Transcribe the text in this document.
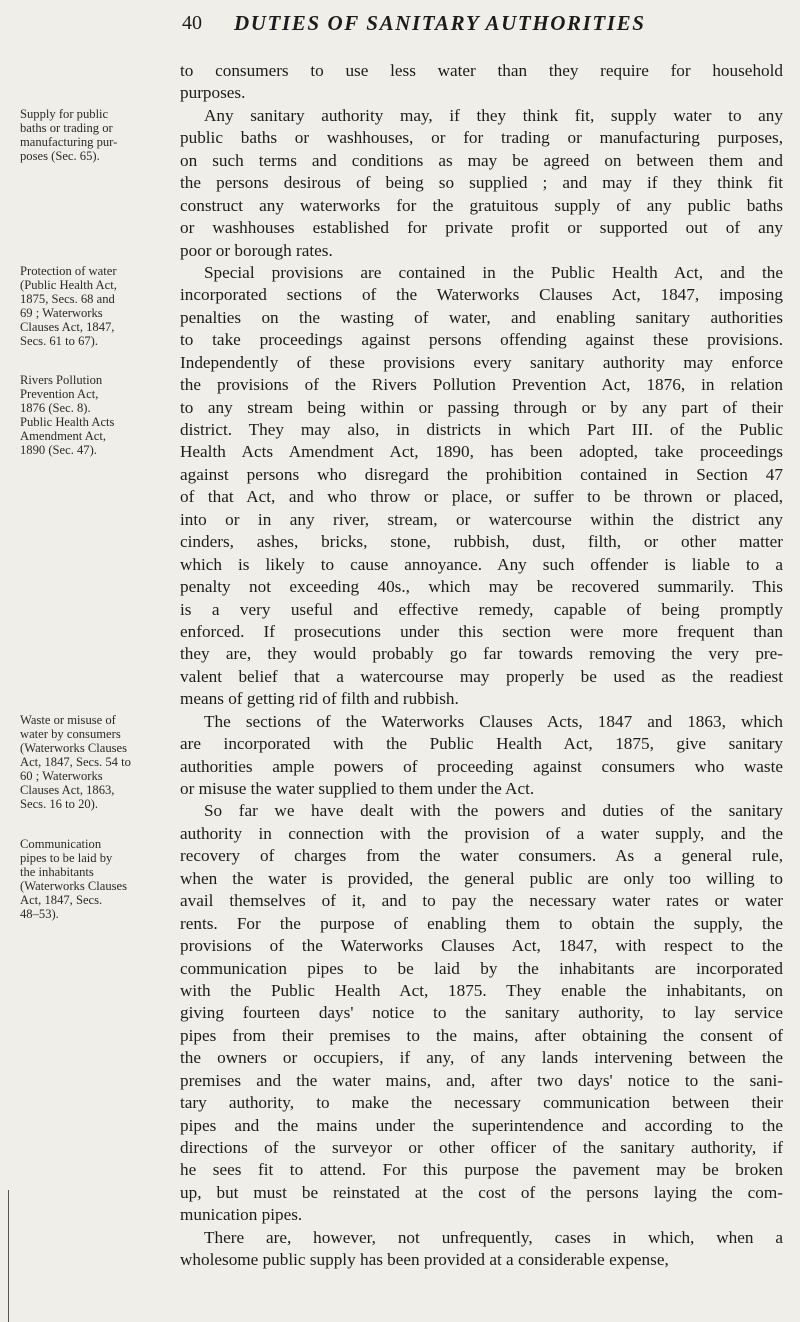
40 DUTIES OF SANITARY AUTHORITIES
Supply for public
baths or trading or
manufacturing pur-
poses (Sec. 65).
Protection of water
(Public Health Act,
1875, Secs. 68 and
69 ; Waterworks
Clauses Act, 1847,
Secs. 61 to 67).
Rivers Pollution
Prevention Act,
1876 (Sec. 8).
Public Health Acts
Amendment Act,
1890 (Sec. 47).
Waste or misuse of
water by consumers
(Waterworks Clauses
Act, 1847, Secs. 54 to
60 ; Waterworks
Clauses Act, 1863,
Secs. 16 to 20).
Communication
pipes to be laid by
the inhabitants
(Waterworks Clauses
Act, 1847, Secs.
48–53).
to consumers to use less water than they require for household
purposes.
Any sanitary authority may, if they think fit, supply water to any
public baths or washhouses, or for trading or manufacturing purposes,
on such terms and conditions as may be agreed on between them and
the persons desirous of being so supplied ; and may if they think fit
construct any waterworks for the gratuitous supply of any public baths
or washhouses established for private profit or supported out of any
poor or borough rates.
Special provisions are contained in the Public Health Act, and the
incorporated sections of the Waterworks Clauses Act, 1847, imposing
penalties on the wasting of water, and enabling sanitary authorities
to take proceedings against persons offending against these provisions.
Independently of these provisions every sanitary authority may enforce
the provisions of the Rivers Pollution Prevention Act, 1876, in relation
to any stream being within or passing through or by any part of their
district. They may also, in districts in which Part III. of the Public
Health Acts Amendment Act, 1890, has been adopted, take proceedings
against persons who disregard the prohibition contained in Section 47
of that Act, and who throw or place, or suffer to be thrown or placed,
into or in any river, stream, or watercourse within the district any
cinders, ashes, bricks, stone, rubbish, dust, filth, or other matter
which is likely to cause annoyance. Any such offender is liable to a
penalty not exceeding 40s., which may be recovered summarily. This
is a very useful and effective remedy, capable of being promptly
enforced. If prosecutions under this section were more frequent than
they are, they would probably go far towards removing the very pre-
valent belief that a watercourse may properly be used as the readiest
means of getting rid of filth and rubbish.
The sections of the Waterworks Clauses Acts, 1847 and 1863, which
are incorporated with the Public Health Act, 1875, give sanitary
authorities ample powers of proceeding against consumers who waste
or misuse the water supplied to them under the Act.
So far we have dealt with the powers and duties of the sanitary
authority in connection with the provision of a water supply, and the
recovery of charges from the water consumers. As a general rule,
when the water is provided, the general public are only too willing to
avail themselves of it, and to pay the necessary water rates or water
rents. For the purpose of enabling them to obtain the supply, the
provisions of the Waterworks Clauses Act, 1847, with respect to the
communication pipes to be laid by the inhabitants are incorporated
with the Public Health Act, 1875. They enable the inhabitants, on
giving fourteen days' notice to the sanitary authority, to lay service
pipes from their premises to the mains, after obtaining the consent of
the owners or occupiers, if any, of any lands intervening between the
premises and the water mains, and, after two days' notice to the sani-
tary authority, to make the necessary communication between their
pipes and the mains under the superintendence and according to the
directions of the surveyor or other officer of the sanitary authority, if
he sees fit to attend. For this purpose the pavement may be broken
up, but must be reinstated at the cost of the persons laying the com-
munication pipes.
There are, however, not unfrequently, cases in which, when a
wholesome public supply has been provided at a considerable expense,
